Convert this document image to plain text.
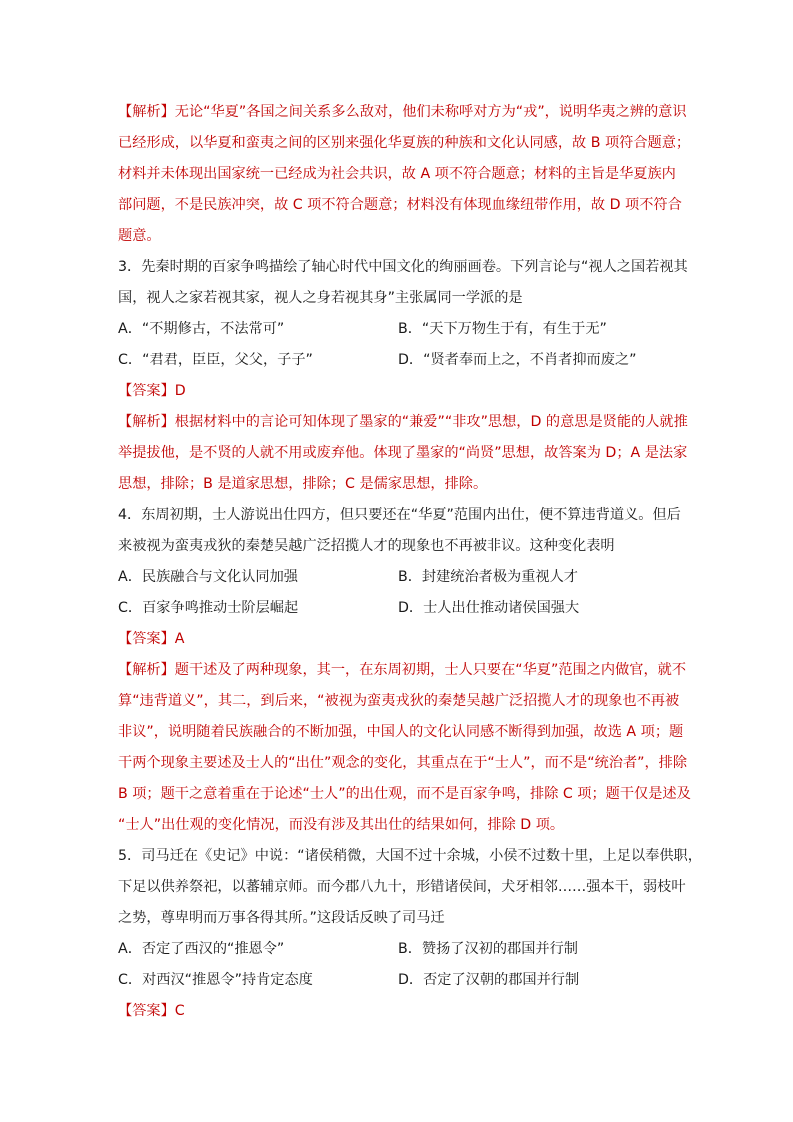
【解析】无论“华夏”各国之间关系多么敌对，他们未称呼对方为“戎”，说明华夷之辨的意识
已经形成，以华夏和蛮夷之间的区别来强化华夏族的种族和文化认同感，故 B 项符合题意；
材料并未体现出国家统一已经成为社会共识，故 A 项不符合题意；材料的主旨是华夏族内
部问题，不是民族冲突，故 C 项不符合题意；材料没有体现血缘纽带作用，故 D 项不符合
题意。
3．先秦时期的百家争鸣描绘了轴心时代中国文化的绚丽画卷。下列言论与“视人之国若视其
国，视人之家若视其家，视人之身若视其身”主张属同一学派的是
A．“不期修古，不法常可”	B．“天下万物生于有，有生于无”
C．“君君，臣臣，父父，子子”	D．“贤者奉而上之，不肖者抑而废之”
【答案】D
【解析】根据材料中的言论可知体现了墨家的“兼爱”“非攻”思想，D 的意思是贤能的人就推
举提拔他，是不贤的人就不用或废弃他。体现了墨家的“尚贤”思想，故答案为 D；A 是法家
思想，排除；B 是道家思想，排除；C 是儒家思想，排除。
4．东周初期，士人游说出仕四方，但只要还在“华夏”范围内出仕，便不算违背道义。但后
来被视为蛮夷戎狄的秦楚吴越广泛招揽人才的现象也不再被非议。这种变化表明
A．民族融合与文化认同加强	B．封建统治者极为重视人才
C．百家争鸣推动士阶层崛起	D．士人出仕推动诸侯国强大
【答案】A
【解析】题干述及了两种现象，其一，在东周初期，士人只要在“华夏”范围之内做官，就不
算“违背道义”，其二，到后来，“被视为蛮夷戎狄的秦楚吴越广泛招揽人才的现象也不再被
非议”，说明随着民族融合的不断加强，中国人的文化认同感不断得到加强，故选 A 项；题
干两个现象主要述及士人的“出仕”观念的变化，其重点在于“士人”，而不是“统治者”，排除
B 项；题干之意着重在于论述“士人”的出仕观，而不是百家争鸣，排除 C 项；题干仅是述及
“士人”出仕观的变化情况，而没有涉及其出仕的结果如何，排除 D 项。
5．司马迁在《史记》中说：“诸侯稍微，大国不过十余城，小侯不过数十里，上足以奉供职，
下足以供养祭祀，以蕃辅京师。而今郡八九十，形错诸侯间，犬牙相邻……强本干，弱枝叶
之势，尊卑明而万事各得其所。”这段话反映了司马迁
A．否定了西汉的“推恩令”	B．赞扬了汉初的郡国并行制
C．对西汉“推恩令”持肯定态度	D．否定了汉朝的郡国并行制
【答案】C
